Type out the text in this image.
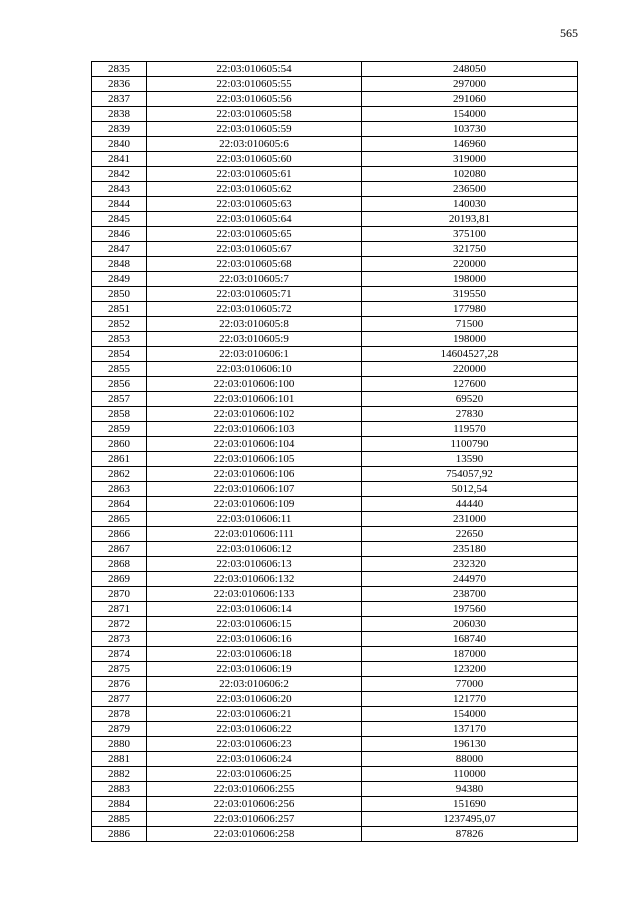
565
2835	22:03:010605:54	248050
2836	22:03:010605:55	297000
2837	22:03:010605:56	291060
2838	22:03:010605:58	154000
2839	22:03:010605:59	103730
2840	22:03:010605:6	146960
2841	22:03:010605:60	319000
2842	22:03:010605:61	102080
2843	22:03:010605:62	236500
2844	22:03:010605:63	140030
2845	22:03:010605:64	20193,81
2846	22:03:010605:65	375100
2847	22:03:010605:67	321750
2848	22:03:010605:68	220000
2849	22:03:010605:7	198000
2850	22:03:010605:71	319550
2851	22:03:010605:72	177980
2852	22:03:010605:8	71500
2853	22:03:010605:9	198000
2854	22:03:010606:1	14604527,28
2855	22:03:010606:10	220000
2856	22:03:010606:100	127600
2857	22:03:010606:101	69520
2858	22:03:010606:102	27830
2859	22:03:010606:103	119570
2860	22:03:010606:104	1100790
2861	22:03:010606:105	13590
2862	22:03:010606:106	754057,92
2863	22:03:010606:107	5012,54
2864	22:03:010606:109	44440
2865	22:03:010606:11	231000
2866	22:03:010606:111	22650
2867	22:03:010606:12	235180
2868	22:03:010606:13	232320
2869	22:03:010606:132	244970
2870	22:03:010606:133	238700
2871	22:03:010606:14	197560
2872	22:03:010606:15	206030
2873	22:03:010606:16	168740
2874	22:03:010606:18	187000
2875	22:03:010606:19	123200
2876	22:03:010606:2	77000
2877	22:03:010606:20	121770
2878	22:03:010606:21	154000
2879	22:03:010606:22	137170
2880	22:03:010606:23	196130
2881	22:03:010606:24	88000
2882	22:03:010606:25	110000
2883	22:03:010606:255	94380
2884	22:03:010606:256	151690
2885	22:03:010606:257	1237495,07
2886	22:03:010606:258	87826
